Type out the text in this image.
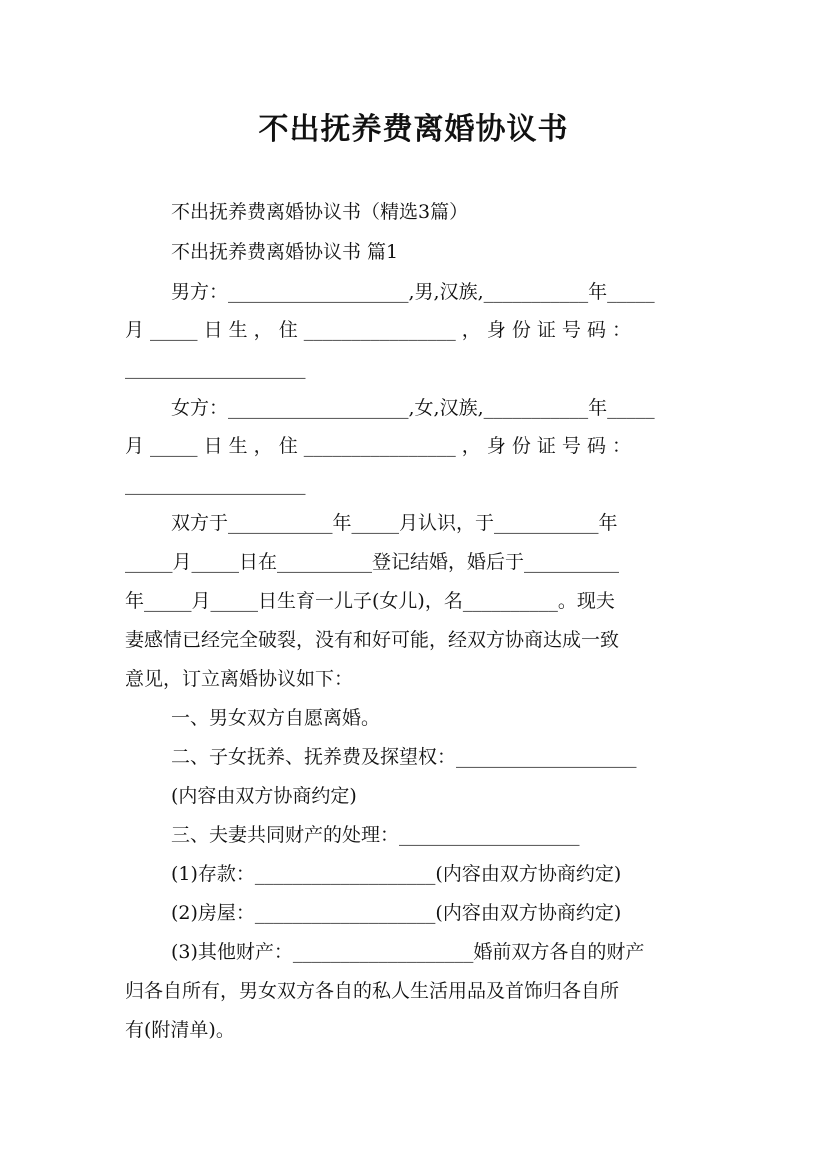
不出抚养费离婚协议书
不出抚养费离婚协议书（精选3篇）
不出抚养费离婚协议书 篇1
男方：___________________,男,汉族,___________年_____
月 _____ 日 生 ， 住 ________________ ， 身 份 证 号 码 ：
___________________
女方：___________________,女,汉族,___________年_____
月 _____ 日 生 ， 住 ________________ ， 身 份 证 号 码 ：
___________________
双方于___________年_____月认识，于___________年
_____月_____日在__________登记结婚，婚后于__________
年_____月_____日生育一儿子(女儿)，名__________。现夫
妻感情已经完全破裂，没有和好可能，经双方协商达成一致
意见，订立离婚协议如下：
一、男女双方自愿离婚。
二、子女抚养、抚养费及探望权：___________________
(内容由双方协商约定)
三、夫妻共同财产的处理：___________________
(1)存款：___________________(内容由双方协商约定)
(2)房屋：___________________(内容由双方协商约定)
(3)其他财产：___________________婚前双方各自的财产
归各自所有，男女双方各自的私人生活用品及首饰归各自所
有(附清单)。
